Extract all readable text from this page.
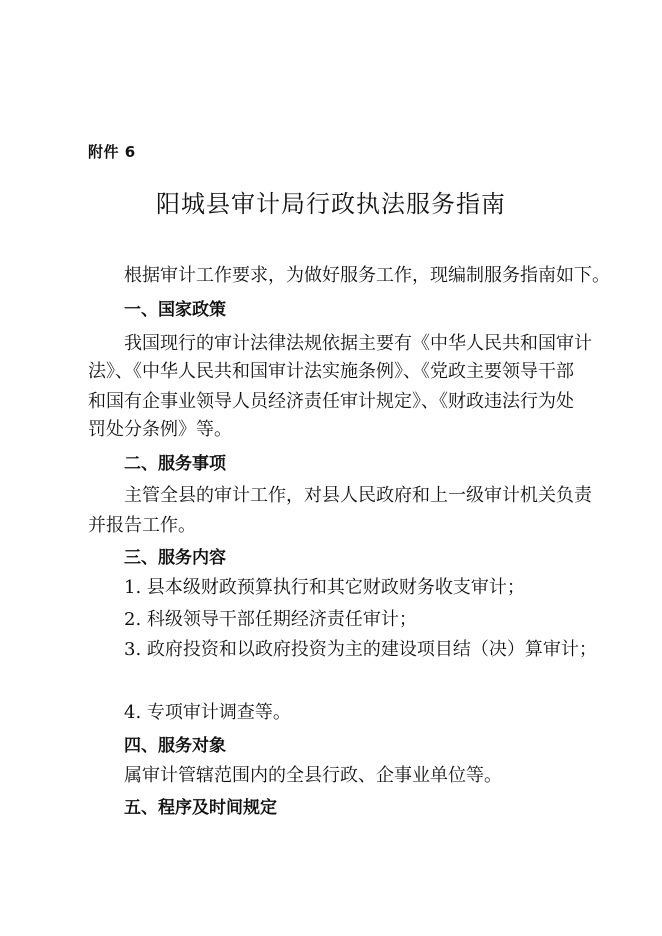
附件 6
阳城县审计局行政执法服务指南
根据审计工作要求，为做好服务工作，现编制服务指南如下。
一、国家政策
我国现行的审计法律法规依据主要有《中华人民共和国审计
法》、《中华人民共和国审计法实施条例》、《党政主要领导干部
和国有企事业领导人员经济责任审计规定》、《财政违法行为处
罚处分条例》等。
二、服务事项
主管全县的审计工作，对县人民政府和上一级审计机关负责
并报告工作。
三、服务内容
1. 县本级财政预算执行和其它财政财务收支审计；
2. 科级领导干部任期经济责任审计；
3. 政府投资和以政府投资为主的建设项目结（决）算审计；
4. 专项审计调查等。
四、服务对象
属审计管辖范围内的全县行政、企事业单位等。
五、程序及时间规定
